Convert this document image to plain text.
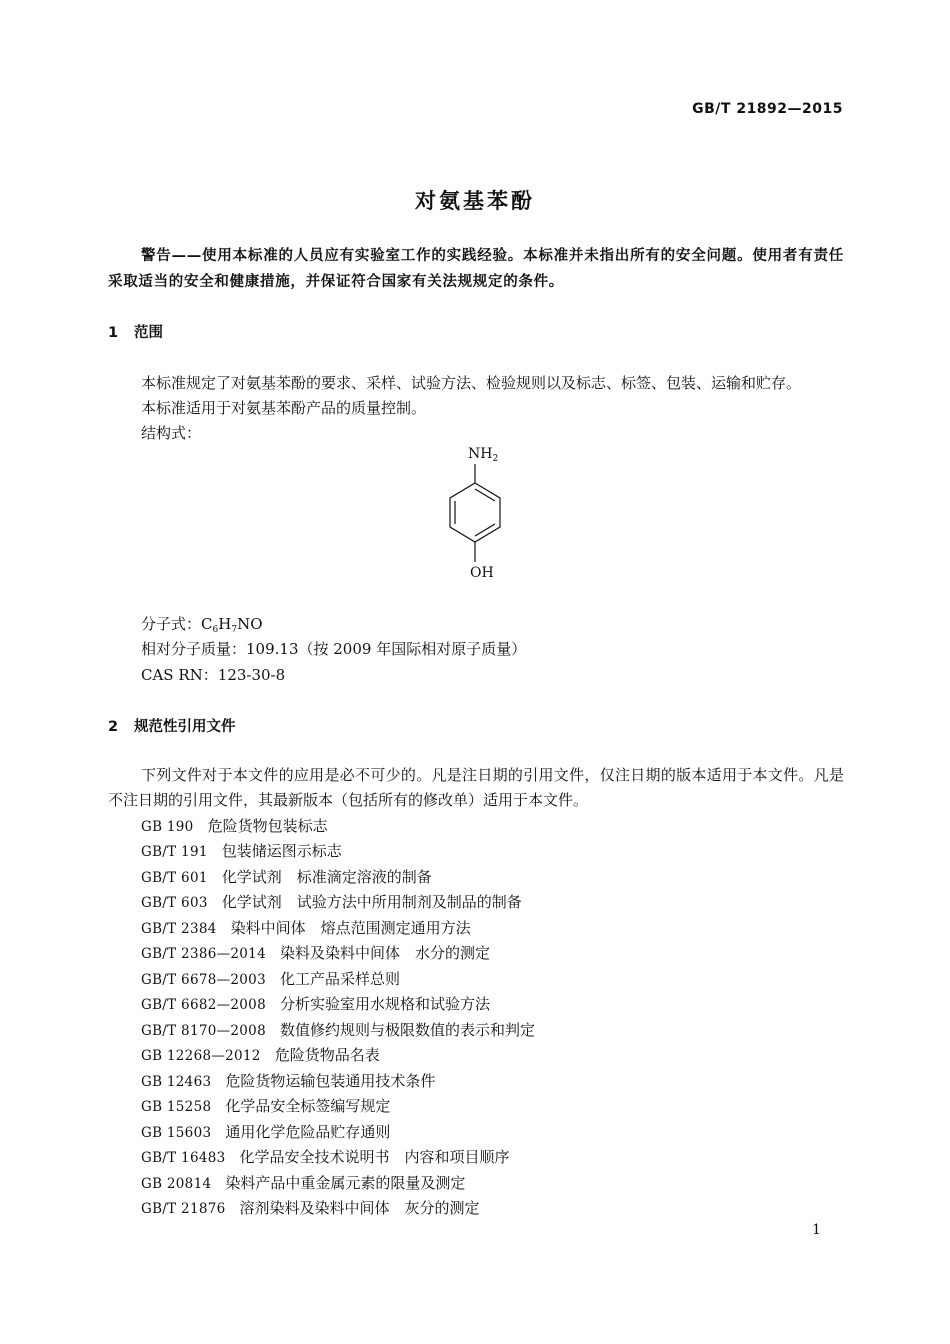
GB/T 21892—2015
对氨基苯酚
警告——使用本标准的人员应有实验室工作的实践经验。本标准并未指出所有的安全问题。使用者有责任采取适当的安全和健康措施，并保证符合国家有关法规规定的条件。
1 范围
本标准规定了对氨基苯酚的要求、采样、试验方法、检验规则以及标志、标签、包装、运输和贮存。
本标准适用于对氨基苯酚产品的质量控制。
结构式：
$NH_2$
OH
分子式：$C_6H_7NO$
相对分子质量：109.13（按 2009 年国际相对原子质量）
CAS RN：123-30-8
2 规范性引用文件
下列文件对于本文件的应用是必不可少的。凡是注日期的引用文件，仅注日期的版本适用于本文件。凡是不注日期的引用文件，其最新版本（包括所有的修改单）适用于本文件。
GB 190 危险货物包装标志
GB/T 191 包装储运图示标志
GB/T 601 化学试剂　标准滴定溶液的制备
GB/T 603 化学试剂　试验方法中所用制剂及制品的制备
GB/T 2384 染料中间体　熔点范围测定通用方法
GB/T 2386—2014 染料及染料中间体　水分的测定
GB/T 6678—2003 化工产品采样总则
GB/T 6682—2008 分析实验室用水规格和试验方法
GB/T 8170—2008 数值修约规则与极限数值的表示和判定
GB 12268—2012 危险货物品名表
GB 12463 危险货物运输包装通用技术条件
GB 15258 化学品安全标签编写规定
GB 15603 通用化学危险品贮存通则
GB/T 16483 化学品安全技术说明书　内容和项目顺序
GB 20814 染料产品中重金属元素的限量及测定
GB/T 21876 溶剂染料及染料中间体　灰分的测定
1
